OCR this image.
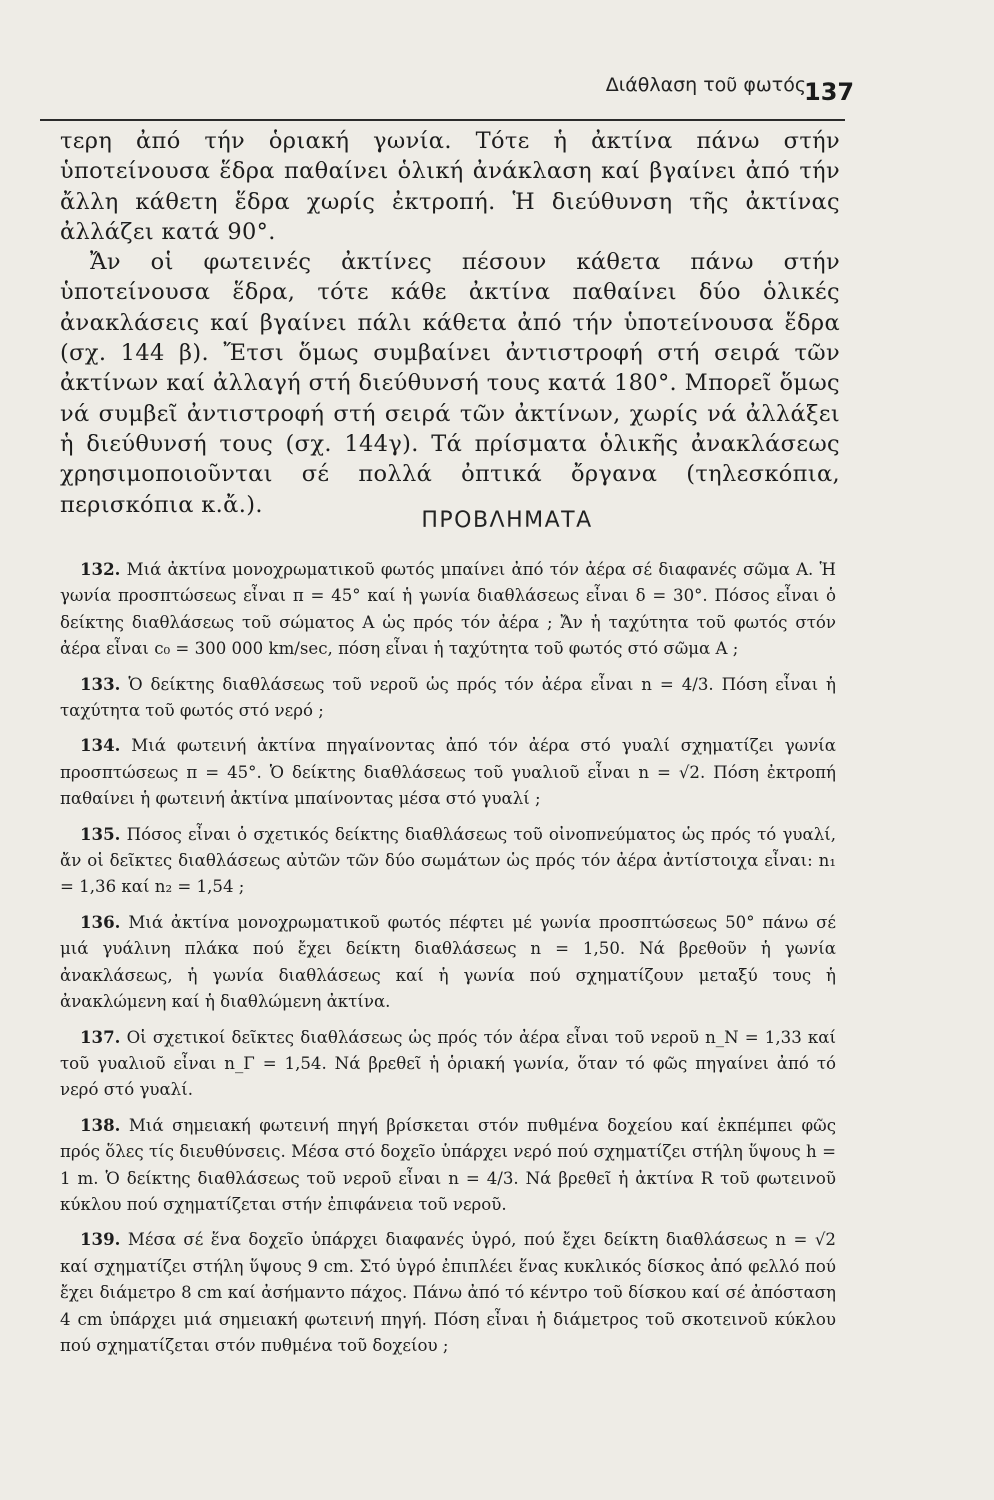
Διάθλαση τοῦ φωτός
137

τερη ἀπό τήν ὁριακή γωνία. Τότε ἡ ἀκτίνα πάνω στήν ὑποτείνουσα ἕδρα παθαίνει ὁλική ἀνάκλαση καί βγαίνει ἀπό τήν ἄλλη κάθετη ἕδρα χωρίς ἐκτροπή. Ἡ διεύθυνση τῆς ἀκτίνας ἀλλάζει κατά 90°.

Ἄν οἱ φωτεινές ἀκτίνες πέσουν κάθετα πάνω στήν ὑποτείνουσα ἕδρα, τότε κάθε ἀκτίνα παθαίνει δύο ὁλικές ἀνακλάσεις καί βγαίνει πάλι κάθετα ἀπό τήν ὑποτείνουσα ἕδρα (σχ. 144 β). Ἔτσι ὅμως συμβαίνει ἀντιστροφή στή σειρά τῶν ἀκτίνων καί ἀλλαγή στή διεύθυνσή τους κατά 180°. Μπορεῖ ὅμως νά συμβεῖ ἀντιστροφή στή σειρά τῶν ἀκτίνων, χωρίς νά ἀλλάξει ἡ διεύθυνσή τους (σχ. 144γ). Τά πρίσματα ὁλικῆς ἀνακλάσεως χρησιμοποιοῦνται σέ πολλά ὀπτικά ὄργανα (τηλεσκόπια, περισκόπια κ.ἄ.).

ΠΡΟΒΛΗΜΑΤΑ

132. Μιά ἀκτίνα μονοχρωματικοῦ φωτός μπαίνει ἀπό τόν ἀέρα σέ διαφανές σῶμα Α. Ἡ γωνία προσπτώσεως εἶναι π = 45° καί ἡ γωνία διαθλάσεως εἶναι δ = 30°. Πόσος εἶναι ὁ δείκτης διαθλάσεως τοῦ σώματος Α ὡς πρός τόν ἀέρα ; Ἄν ἡ ταχύτητα τοῦ φωτός στόν ἀέρα εἶναι c₀ = 300 000 km/sec, πόση εἶναι ἡ ταχύτητα τοῦ φωτός στό σῶμα Α ;

133. Ὁ δείκτης διαθλάσεως τοῦ νεροῦ ὡς πρός τόν ἀέρα εἶναι n = 4/3. Πόση εἶναι ἡ ταχύτητα τοῦ φωτός στό νερό ;

134. Μιά φωτεινή ἀκτίνα πηγαίνοντας ἀπό τόν ἀέρα στό γυαλί σχηματίζει γωνία προσπτώσεως π = 45°. Ὁ δείκτης διαθλάσεως τοῦ γυαλιοῦ εἶναι n = √2. Πόση ἐκτροπή παθαίνει ἡ φωτεινή ἀκτίνα μπαίνοντας μέσα στό γυαλί ;

135. Πόσος εἶναι ὁ σχετικός δείκτης διαθλάσεως τοῦ οἰνοπνεύματος ὡς πρός τό γυαλί, ἄν οἱ δεῖκτες διαθλάσεως αὐτῶν τῶν δύο σωμάτων ὡς πρός τόν ἀέρα ἀντίστοιχα εἶναι: n₁ = 1,36 καί n₂ = 1,54 ;

136. Μιά ἀκτίνα μονοχρωματικοῦ φωτός πέφτει μέ γωνία προσπτώσεως 50° πάνω σέ μιά γυάλινη πλάκα πού ἔχει δείκτη διαθλάσεως n = 1,50. Νά βρεθοῦν ἡ γωνία ἀνακλάσεως, ἡ γωνία διαθλάσεως καί ἡ γωνία πού σχηματίζουν μεταξύ τους ἡ ἀνακλώμενη καί ἡ διαθλώμενη ἀκτίνα.

137. Οἱ σχετικοί δεῖκτες διαθλάσεως ὡς πρός τόν ἀέρα εἶναι τοῦ νεροῦ n_N = 1,33 καί τοῦ γυαλιοῦ εἶναι n_Γ = 1,54. Νά βρεθεῖ ἡ ὁριακή γωνία, ὅταν τό φῶς πηγαίνει ἀπό τό νερό στό γυαλί.

138. Μιά σημειακή φωτεινή πηγή βρίσκεται στόν πυθμένα δοχείου καί ἐκπέμπει φῶς πρός ὅλες τίς διευθύνσεις. Μέσα στό δοχεῖο ὑπάρχει νερό πού σχηματίζει στήλη ὕψους h = 1 m. Ὁ δείκτης διαθλάσεως τοῦ νεροῦ εἶναι n = 4/3. Νά βρεθεῖ ἡ ἀκτίνα R τοῦ φωτεινοῦ κύκλου πού σχηματίζεται στήν ἐπιφάνεια τοῦ νεροῦ.

139. Μέσα σέ ἕνα δοχεῖο ὑπάρχει διαφανές ὑγρό, πού ἔχει δείκτη διαθλάσεως n = √2 καί σχηματίζει στήλη ὕψους 9 cm. Στό ὑγρό ἐπιπλέει ἕνας κυκλικός δίσκος ἀπό φελλό πού ἔχει διάμετρο 8 cm καί ἀσήμαντο πάχος. Πάνω ἀπό τό κέντρο τοῦ δίσκου καί σέ ἀπόσταση 4 cm ὑπάρχει μιά σημειακή φωτεινή πηγή. Πόση εἶναι ἡ διάμετρος τοῦ σκοτεινοῦ κύκλου πού σχηματίζεται στόν πυθμένα τοῦ δοχείου ;
